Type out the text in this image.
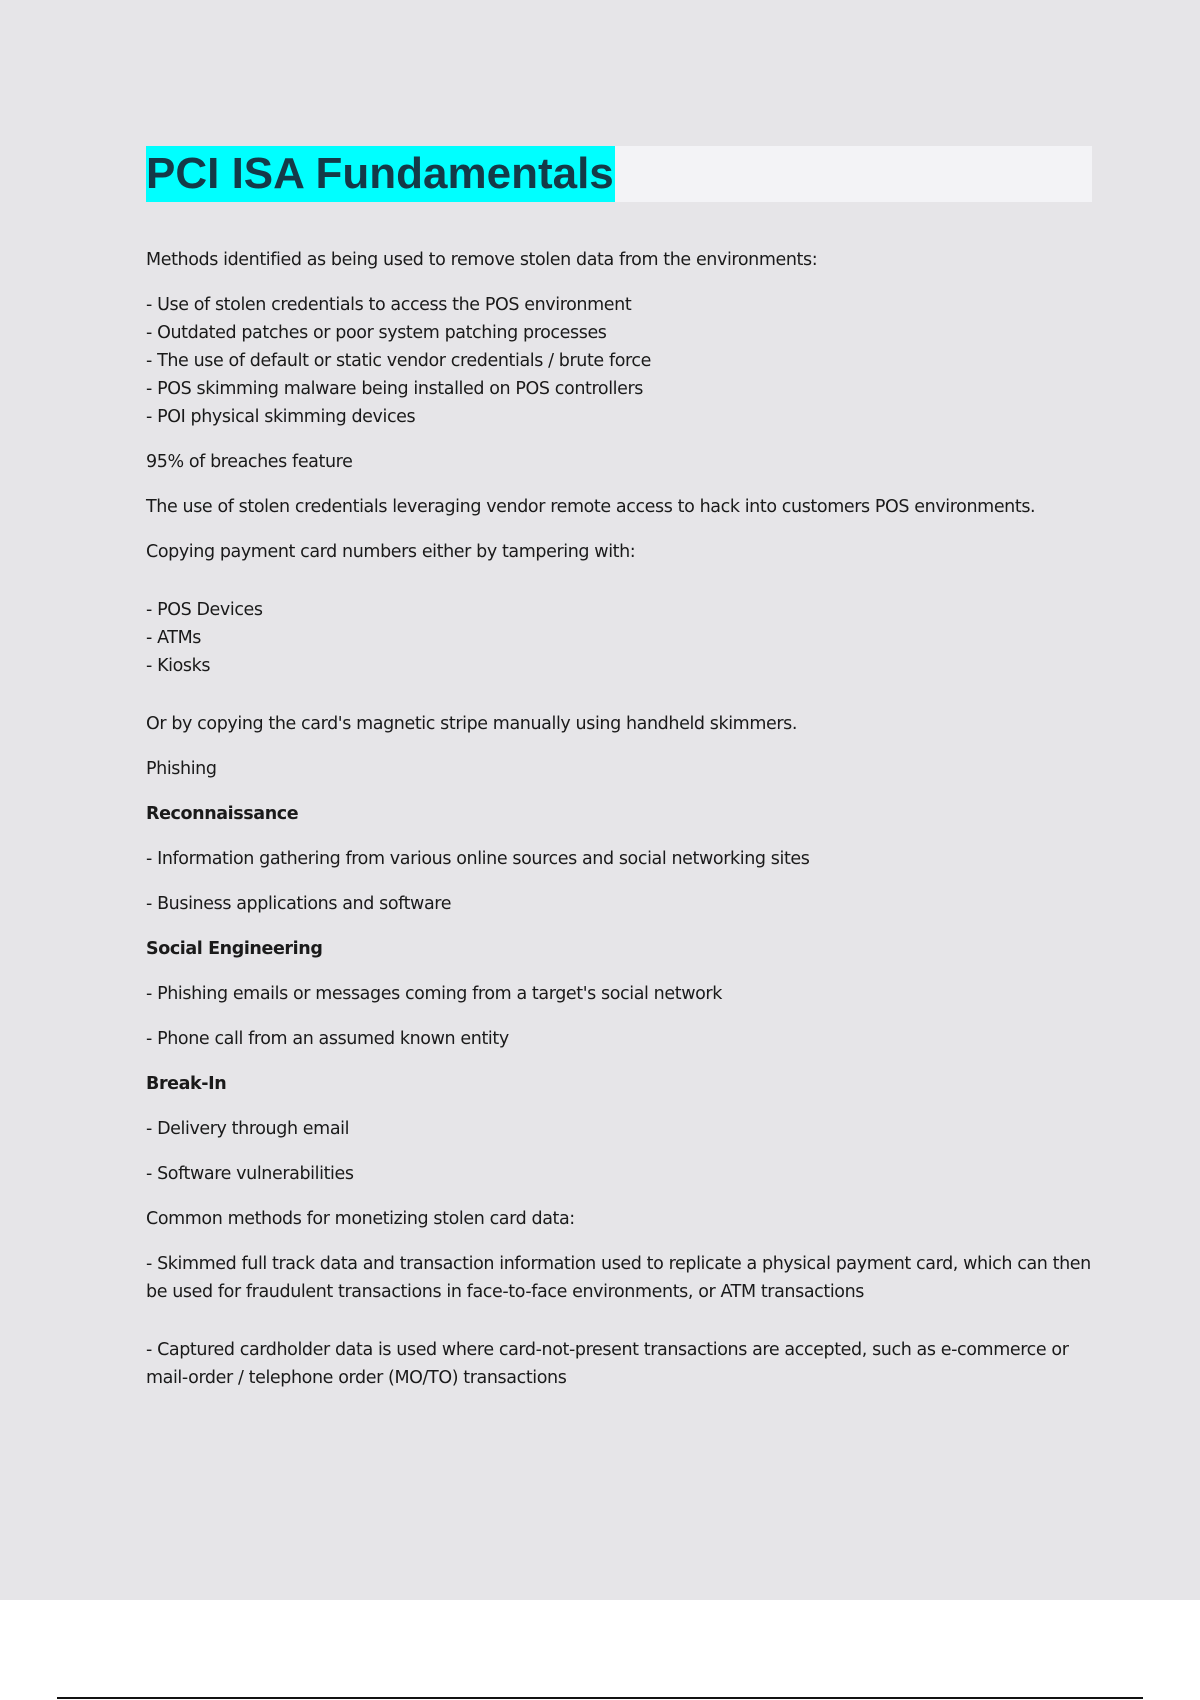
PCI ISA Fundamentals

Methods identified as being used to remove stolen data from the environments:

- Use of stolen credentials to access the POS environment

- Outdated patches or poor system patching processes

- The use of default or static vendor credentials / brute force

- POS skimming malware being installed on POS controllers

- POI physical skimming devices

95% of breaches feature

The use of stolen credentials leveraging vendor remote access to hack into customers POS environments.

Copying payment card numbers either by tampering with:

- POS Devices

- ATMs

- Kiosks

Or by copying the card's magnetic stripe manually using handheld skimmers.

Phishing

Reconnaissance

- Information gathering from various online sources and social networking sites

- Business applications and software

Social Engineering

- Phishing emails or messages coming from a target's social network

- Phone call from an assumed known entity

Break-In

- Delivery through email

- Software vulnerabilities

Common methods for monetizing stolen card data:

- Skimmed full track data and transaction information used to replicate a physical payment card, which can then be used for fraudulent transactions in face-to-face environments, or ATM transactions

- Captured cardholder data is used where card-not-present transactions are accepted, such as e-commerce or mail-order / telephone order (MO/TO) transactions
